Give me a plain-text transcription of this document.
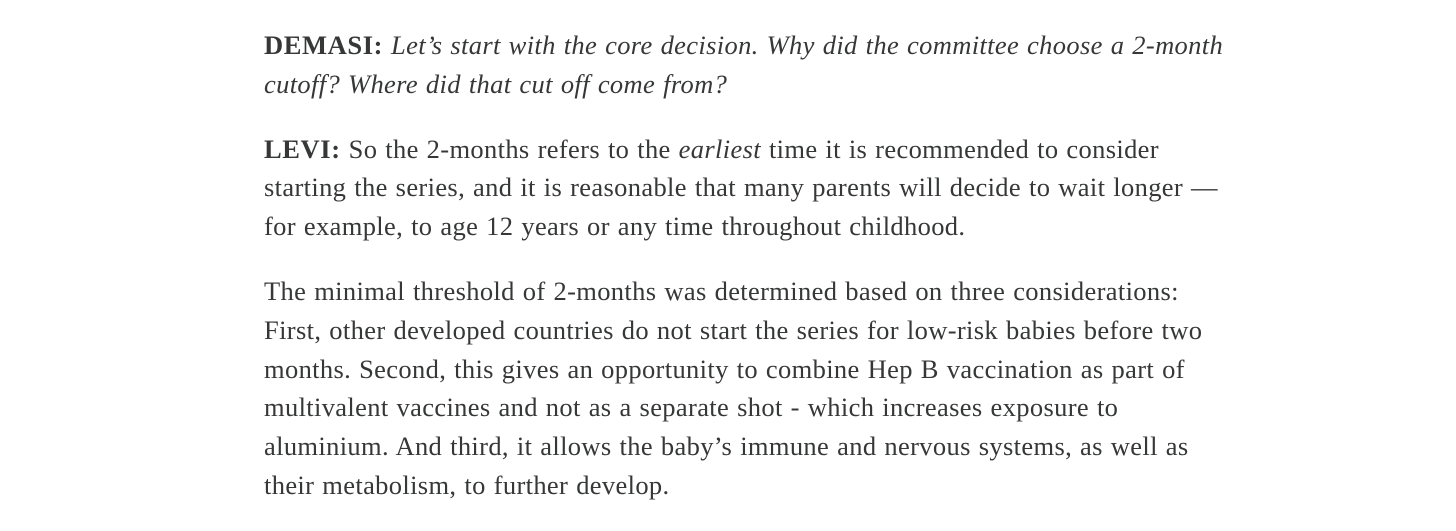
DEMASI: Let’s start with the core decision. Why did the committee choose a 2-month cutoff? Where did that cut off come from?

LEVI: So the 2-months refers to the earliest time it is recommended to consider starting the series, and it is reasonable that many parents will decide to wait longer — for example, to age 12 years or any time throughout childhood.

The minimal threshold of 2-months was determined based on three considerations: First, other developed countries do not start the series for low-risk babies before two months. Second, this gives an opportunity to combine Hep B vaccination as part of multivalent vaccines and not as a separate shot - which increases exposure to aluminium. And third, it allows the baby’s immune and nervous systems, as well as their metabolism, to further develop.
